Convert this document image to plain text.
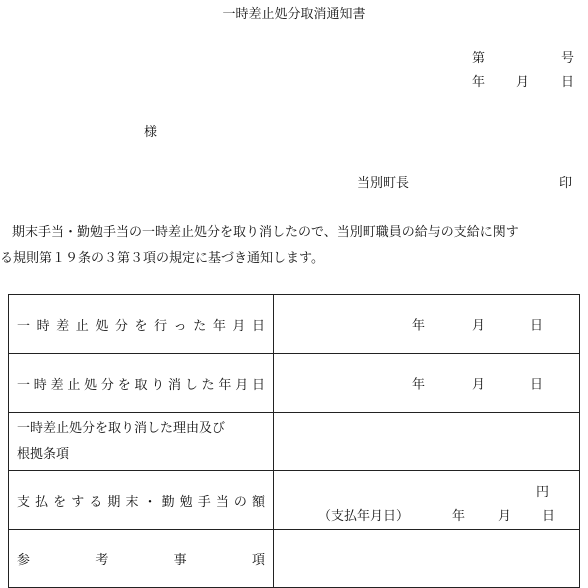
一時差止処分取消通知書
第	号
年 月 日
様
当別町長	印
期末手当・勤勉手当の一時差止処分を取り消したので、当別町職員の給与の支給に関す
る規則第１９条の３第３項の規定に基づき通知します。
一時差止処分を行った年月日	年 月 日

一時差止処分を取り消した年月日	年 月 日

一時差止処分を取り消した理由及び
根拠条項	

支払をする期末・勤勉手当の額	円
（支払年月日） 年 月 日

参考事項	
